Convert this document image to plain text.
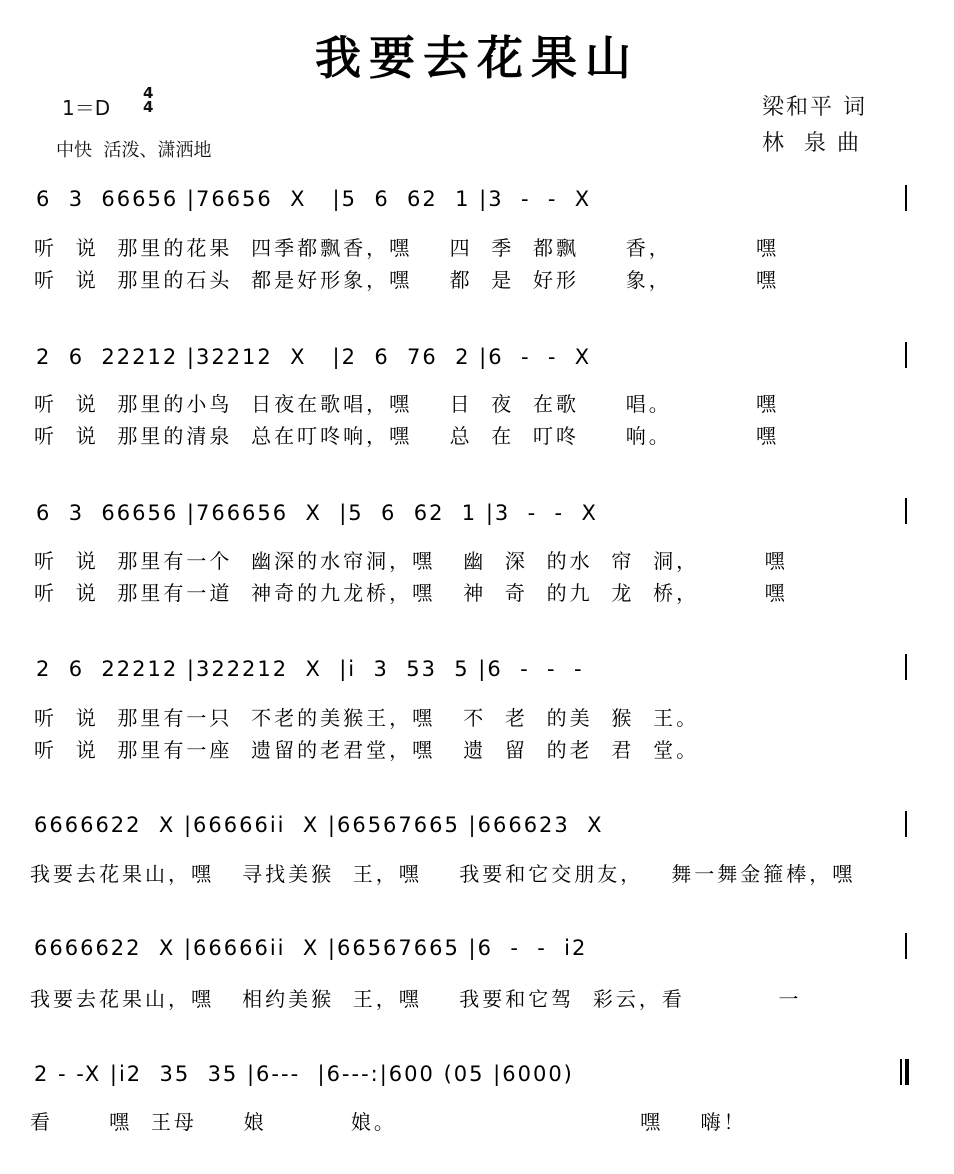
我要去花果山
1＝D
4
4
中快  活泼、潇洒地
梁和平 词
林  泉 曲
6  3  66656 |76656  X   |5  6  62  1 |3  -  -  X
听  说  那里的花果  四季都飘香，嘿    四  季  都飘     香，         嘿
听  说  那里的石头  都是好形象，嘿    都  是  好形     象，         嘿
2  6  22212 |32212  X   |2  6  76  2 |6  -  -  X
听  说  那里的小鸟  日夜在歌唱，嘿    日  夜  在歌     唱。         嘿
听  说  那里的清泉  总在叮咚响，嘿    总  在  叮咚     响。         嘿
6  3  66656 |766656  X  |5  6  62  1 |3  -  -  X
听  说  那里有一个  幽深的水帘洞，嘿   幽  深  的水  帘  洞，       嘿
听  说  那里有一道  神奇的九龙桥，嘿   神  奇  的九  龙  桥，       嘿
2  6  22212 |322212  X  |i  3  53  5 |6  -  -  -
听  说  那里有一只  不老的美猴王，嘿   不  老  的美  猴  王。
听  说  那里有一座  遗留的老君堂，嘿   遗  留  的老  君  堂。
6666622  X |66666ii  X |66567665 |666623  X
我要去花果山，嘿   寻找美猴  王，嘿    我要和它交朋友，   舞一舞金箍棒，嘿
6666622  X |66666ii  X |66567665 |6  -  -  i2
我要去花果山，嘿   相约美猴  王，嘿    我要和它驾  彩云，看          一
2 - -X |i2  35  35 |6---  |6---:|600 (05 |6000)
看      嘿  王母     娘         娘。                          嘿    嗨！
